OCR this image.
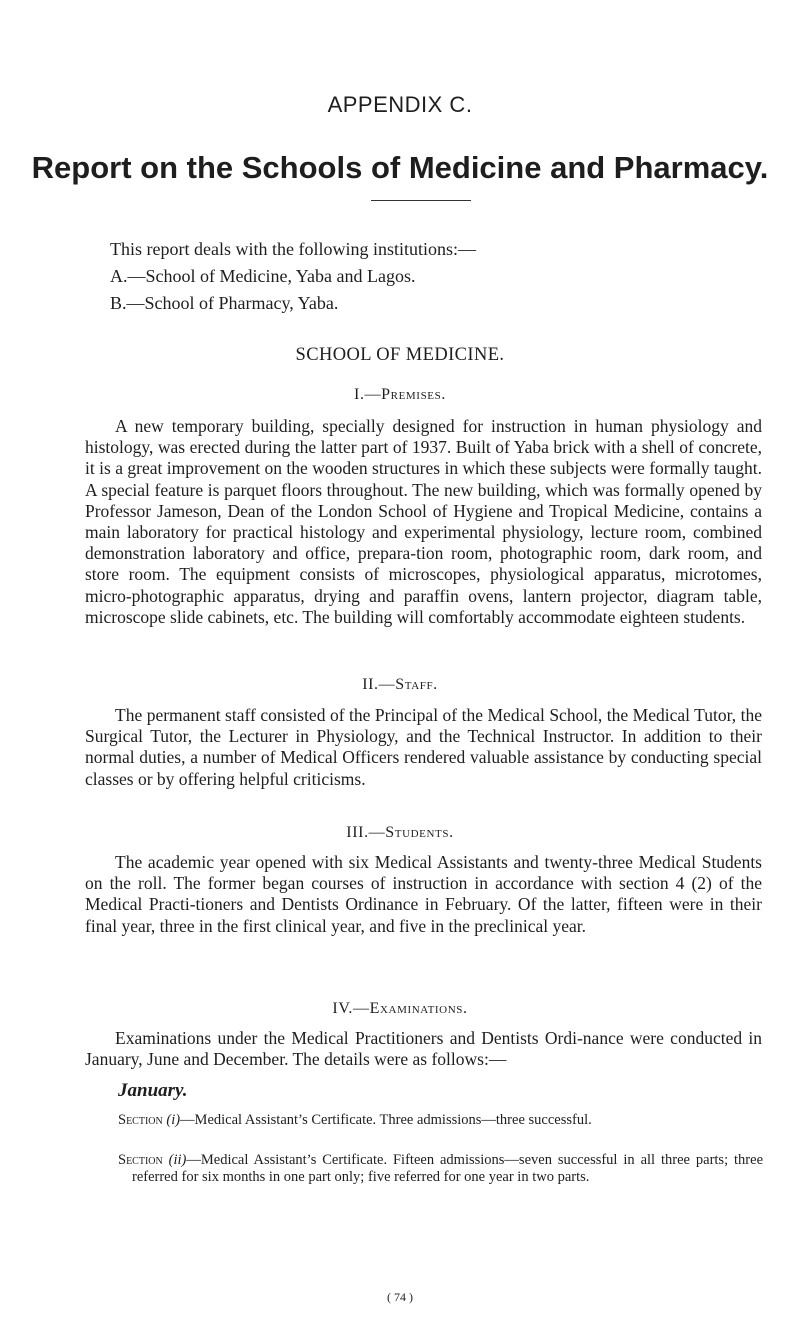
APPENDIX C.
Report on the Schools of Medicine and Pharmacy.

This report deals with the following institutions:—

A.—School of Medicine, Yaba and Lagos.

B.—School of Pharmacy, Yaba.

SCHOOL OF MEDICINE.
I.—Premises.

A new temporary building, specially designed for instruction in human physiology and histology, was erected during the latter part of 1937. Built of Yaba brick with a shell of concrete, it is a great improvement on the wooden structures in which these subjects were formally taught. A special feature is parquet floors throughout. The new building, which was formally opened by Professor Jameson, Dean of the London School of Hygiene and Tropical Medicine, contains a main laboratory for practical histology and experimental physiology, lecture room, combined demonstration laboratory and office, prepara-tion room, photographic room, dark room, and store room. The equipment consists of microscopes, physiological apparatus, microtomes, micro-photographic apparatus, drying and paraffin ovens, lantern projector, diagram table, microscope slide cabinets, etc. The building will comfortably accommodate eighteen students.

II.—Staff.

The permanent staff consisted of the Principal of the Medical School, the Medical Tutor, the Surgical Tutor, the Lecturer in Physiology, and the Technical Instructor. In addition to their normal duties, a number of Medical Officers rendered valuable assistance by conducting special classes or by offering helpful criticisms.

III.—Students.

The academic year opened with six Medical Assistants and twenty-three Medical Students on the roll. The former began courses of instruction in accordance with section 4 (2) of the Medical Practi-tioners and Dentists Ordinance in February. Of the latter, fifteen were in their final year, three in the first clinical year, and five in the preclinical year.

IV.—Examinations.

Examinations under the Medical Practitioners and Dentists Ordi-nance were conducted in January, June and December. The details were as follows:—

January.

Section (i)—Medical Assistant’s Certificate. Three admissions—three successful.

Section (ii)—Medical Assistant’s Certificate. Fifteen admissions—seven successful in all three parts; three referred for six months in one part only; five referred for one year in two parts.

( 74 )
